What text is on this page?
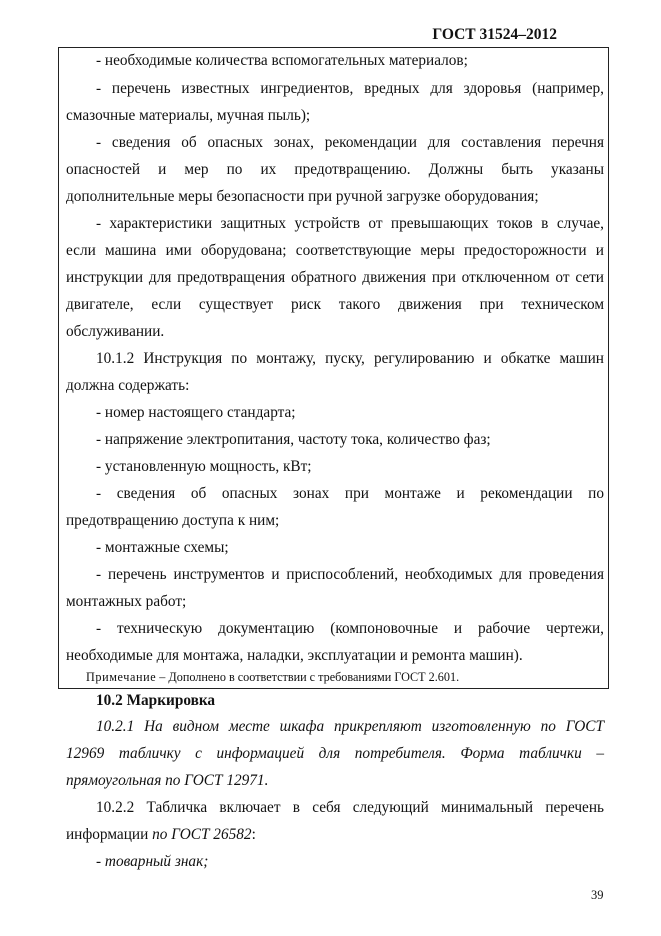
ГОСТ 31524–2012
- необходимые количества вспомогательных материалов;
- перечень известных ингредиентов, вредных для здоровья (например,
смазочные материалы, мучная пыль);
- сведения об опасных зонах, рекомендации для составления перечня
опасностей и мер по их предотвращению. Должны быть указаны
дополнительные меры безопасности при ручной загрузке оборудования;
- характеристики защитных устройств от превышающих токов в случае,
если машина ими оборудована; соответствующие меры предосторожности и
инструкции для предотвращения обратного движения при отключенном от сети
двигателе, если существует риск такого движения при техническом
обслуживании.
10.1.2 Инструкция по монтажу, пуску, регулированию и обкатке машин
должна содержать:
- номер настоящего стандарта;
- напряжение электропитания, частоту тока, количество фаз;
- установленную мощность, кВт;
- сведения об опасных зонах при монтаже и рекомендации по
предотвращению доступа к ним;
- монтажные схемы;
- перечень инструментов и приспособлений, необходимых для проведения
монтажных работ;
- техническую документацию (компоновочные и рабочие чертежи,
необходимые для монтажа, наладки, эксплуатации и ремонта машин).
Примечание – Дополнено в соответствии с требованиями ГОСТ 2.601.
10.2 Маркировка
10.2.1 На видном месте шкафа прикрепляют изготовленную по ГОСТ
12969 табличку с информацией для потребителя. Форма таблички –
прямоугольная по ГОСТ 12971.
10.2.2 Табличка включает в себя следующий минимальный перечень
информации по ГОСТ 26582:
- товарный знак;
39
